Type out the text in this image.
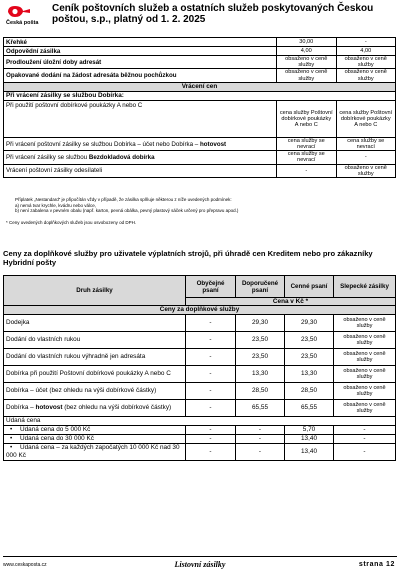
Česká pošta
Ceník poštovních služeb a ostatních služeb poskytovaných Českou poštou, s.p., platný od 1. 2. 2025
Křehké	30,00	-
Odpovědní zásilka	4,00	4,00
Prodloužení úložní doby adresát	obsaženo v ceně služby	obsaženo v ceně služby
Opakované dodání na žádost adresáta běžnou pochůzkou	obsaženo v ceně služby	obsaženo v ceně služby
Vrácení cen		
Při vrácení zásilky se službou Dobírka:		
Při použití poštovní dobírkové poukázky A nebo C	cena služby Poštovní dobírkové poukázky A nebo C	cena služby Poštovní dobírkové poukázky A nebo C
Při vrácení poštovní zásilky se službou Dobírka – účet nebo Dobírka – hotovost	cena služby se nevrací	cena služby se nevrací
Při vrácení zásilky se službou Bezdokladová dobírka	cena služby se nevrací	-
Vrácení poštovní zásilky odesílateli	-	obsaženo v ceně služby
Příplatek „Nestandard“ je připočítán vždy v případě, že zásilka splňuje některou z níže uvedených podmínek:
a) nemá tvar krychle, kvádru nebo válce,
b) není zabalena v pevném obalu (např. karton, pevná obálka, pevný plastový sáček určený pro přepravu apod.)
* Ceny uvedených doplňkových služeb jsou osvobozeny od DPH.
Ceny za doplňkové služby pro uživatele výplatních strojů, při úhradě cen Kreditem nebo pro zákazníky Hybridní pošty
Druh zásilky	Obyčejné psaní	Doporučené psaní	Cenné psaní	Slepecké zásilky
	Cena v Kč *			
Ceny za doplňkové služby				
Dodejka	-	29,30	29,30	obsaženo v ceně služby
Dodání do vlastních rukou	-	23,50	23,50	obsaženo v ceně služby
Dodání do vlastních rukou výhradně jen adresáta	-	23,50	23,50	obsaženo v ceně služby
Dobírka při použití Poštovní dobírkové poukázky A nebo C	-	13,30	13,30	obsaženo v ceně služby
Dobírka – účet (bez ohledu na výši dobírkové částky)	-	28,50	28,50	obsaženo v ceně služby
Dobírka – hotovost (bez ohledu na výši dobírkové částky)	-	65,55	65,55	obsaženo v ceně služby
Udaná cena				
• Udaná cena do 5 000 Kč	-	-	5,70	-
• Udaná cena do 30 000 Kč	-	-	13,40	-
• Udaná cena – za každých započatých 10 000 Kč nad 30 000 Kč	-	-	13,40	-
www.ceskaposta.cz	Listovní zásilky	strana 12
